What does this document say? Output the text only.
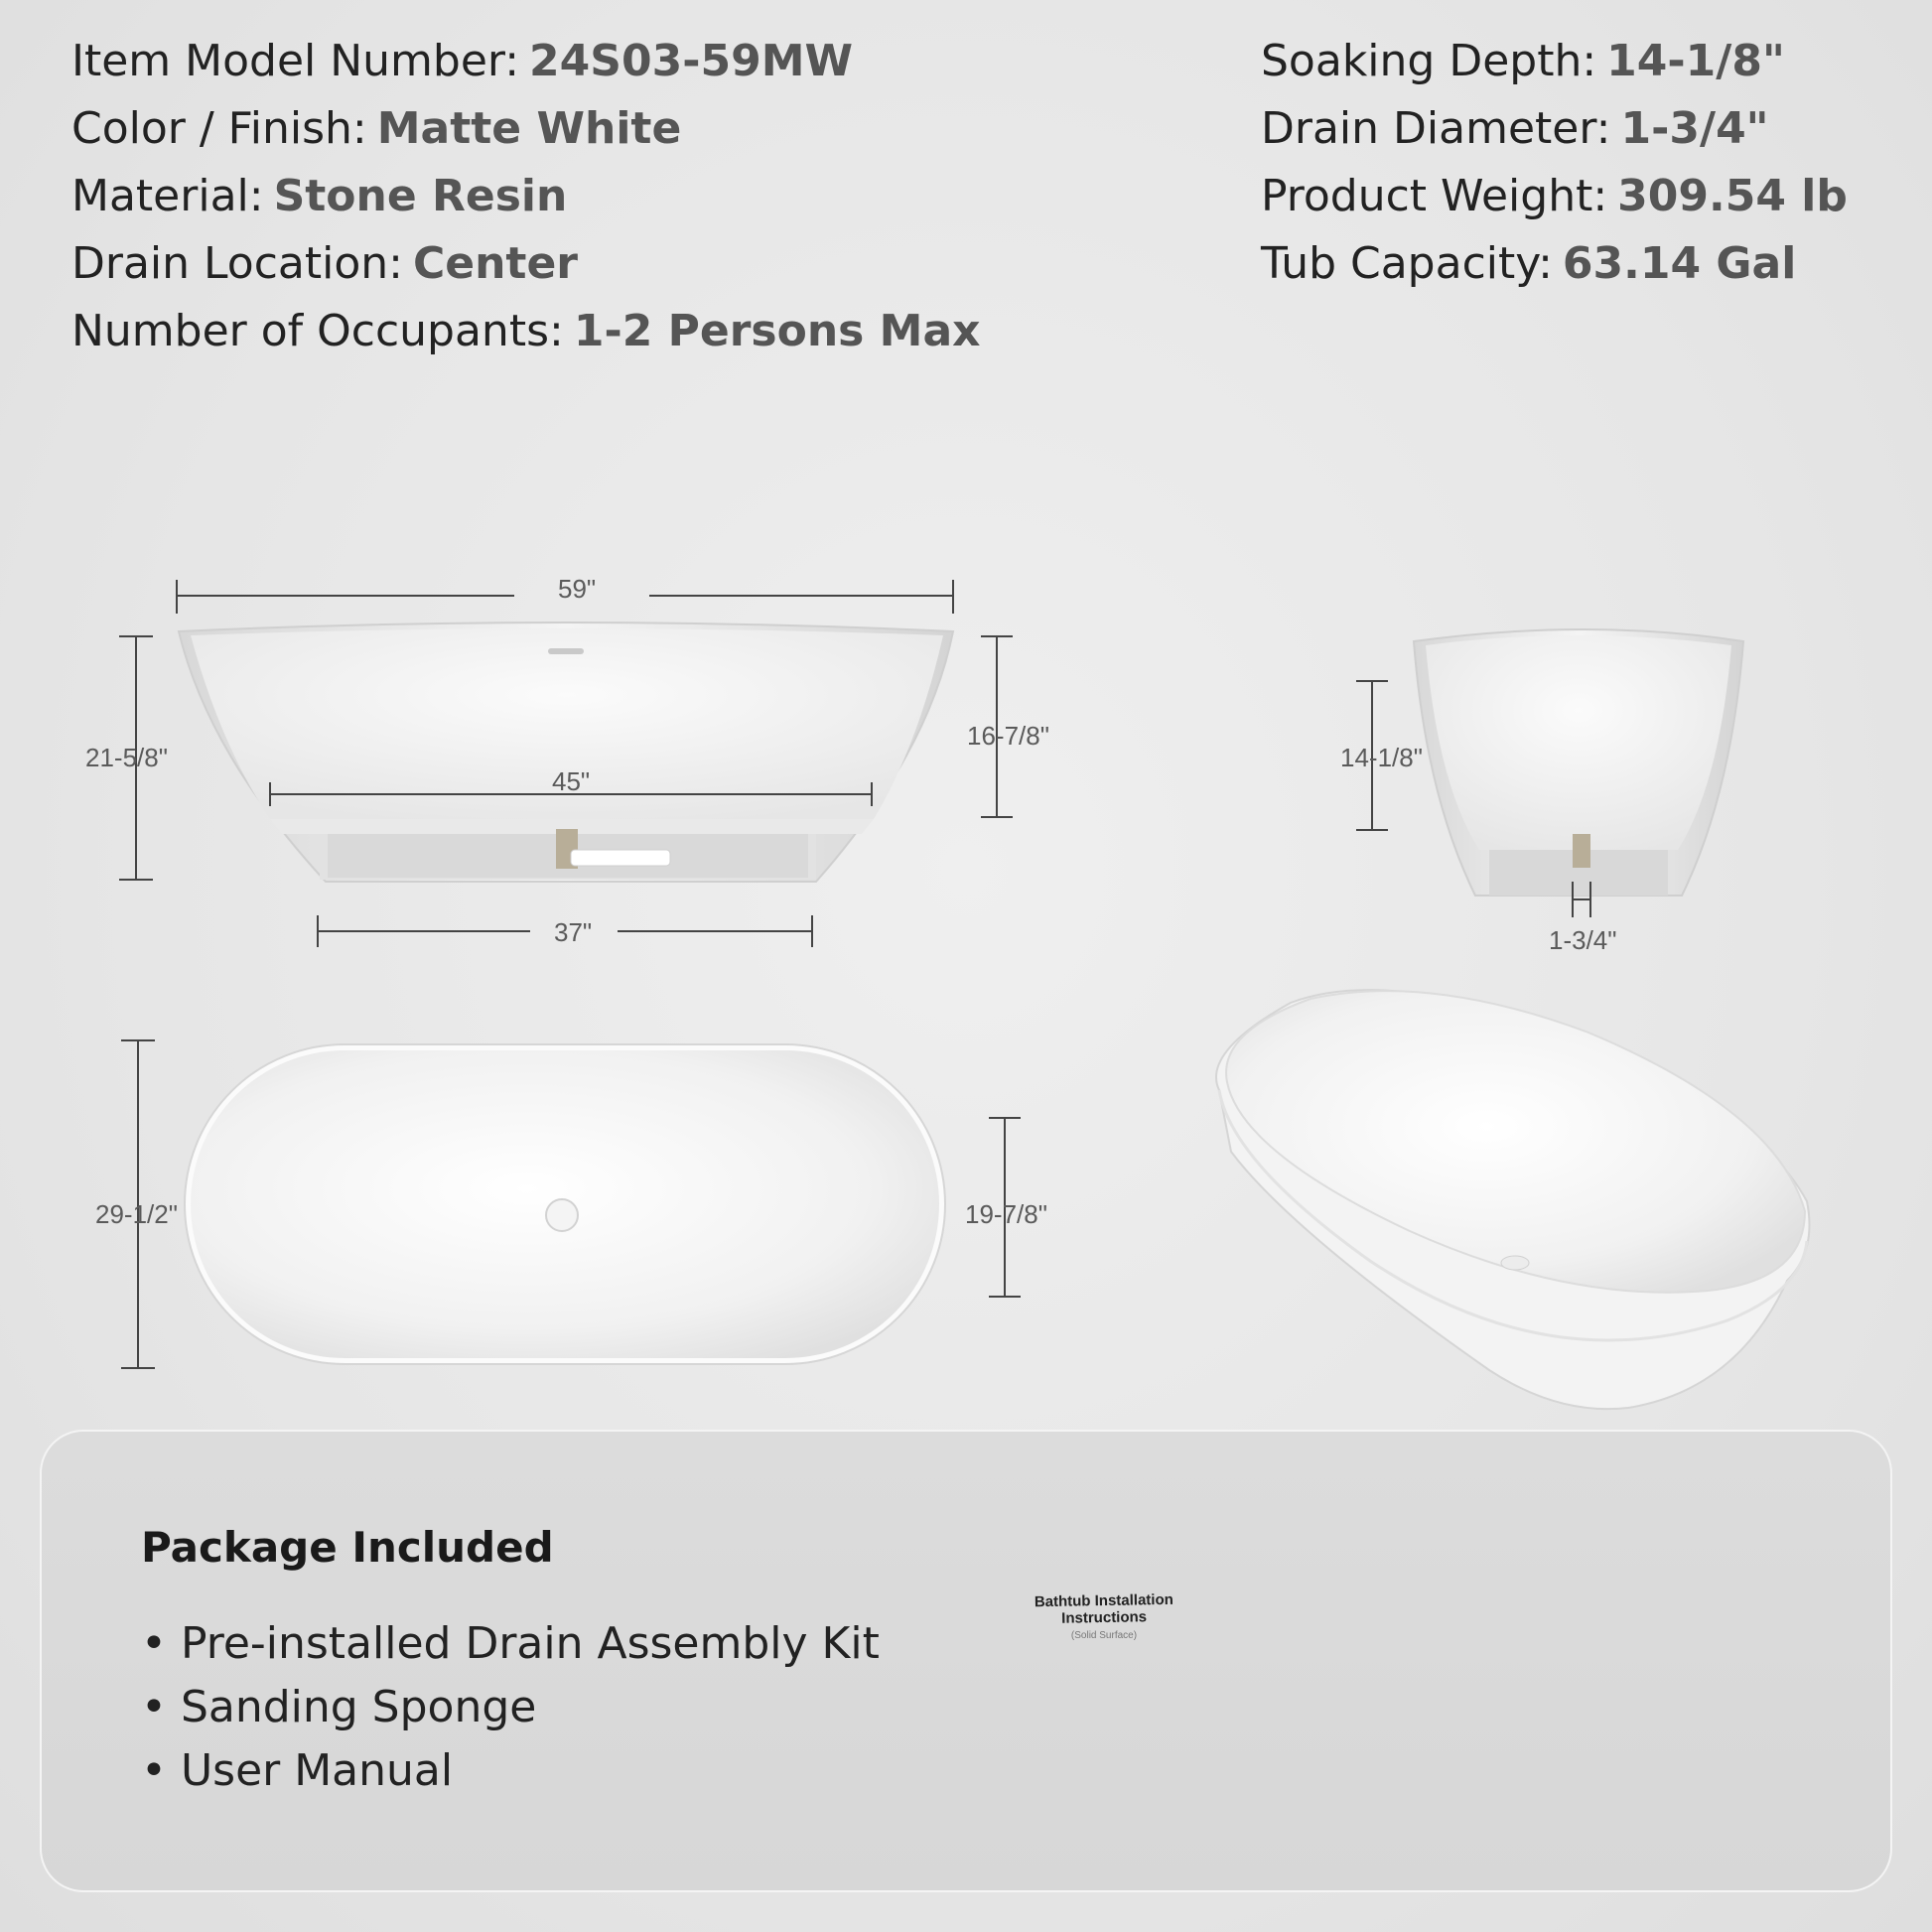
Item Model Number: 24S03-59MW
Color / Finish: Matte White
Material: Stone Resin
Drain Location: Center
Number of Occupants: 1-2 Persons Max
Soaking Depth: 14-1/8"
Drain Diameter: 1-3/4"
Product Weight: 309.54 lb
Tub Capacity: 63.14 Gal
59"
21-5/8"
16-7/8"
45"
37"
14-1/8"
1-3/4"
29-1/2"	19-7/8"
Package Included
• Pre-installed Drain Assembly Kit
• Sanding Sponge
• User Manual
Bathtub Installation
Instructions
(Solid Surface)
